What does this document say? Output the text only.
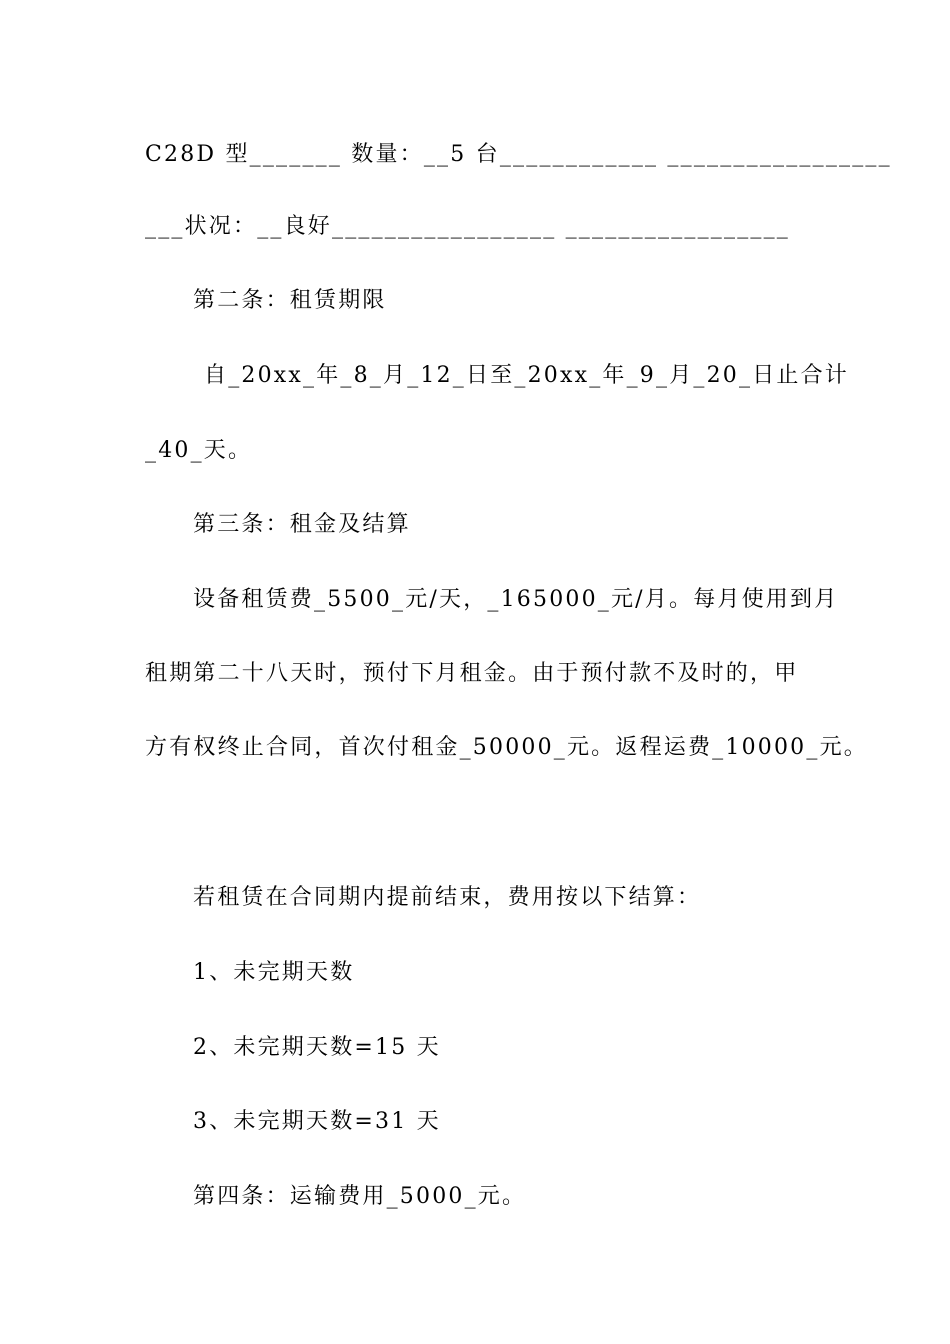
C28D 型_______ 数量：__5 台____________ _________________
___状况：__良好_________________ _________________
第二条：租赁期限
自_20xx_年_8_月_12_日至_20xx_年_9_月_20_日止合计
_40_天。
第三条：租金及结算
设备租赁费_5500_元/天，_165000_元/月。每月使用到月
租期第二十八天时，预付下月租金。由于预付款不及时的，甲
方有权终止合同，首次付租金_50000_元。返程运费_10000_元。
若租赁在合同期内提前结束，费用按以下结算：
1、未完期天数
2、未完期天数=15 天
3、未完期天数=31 天
第四条：运输费用_5000_元。
